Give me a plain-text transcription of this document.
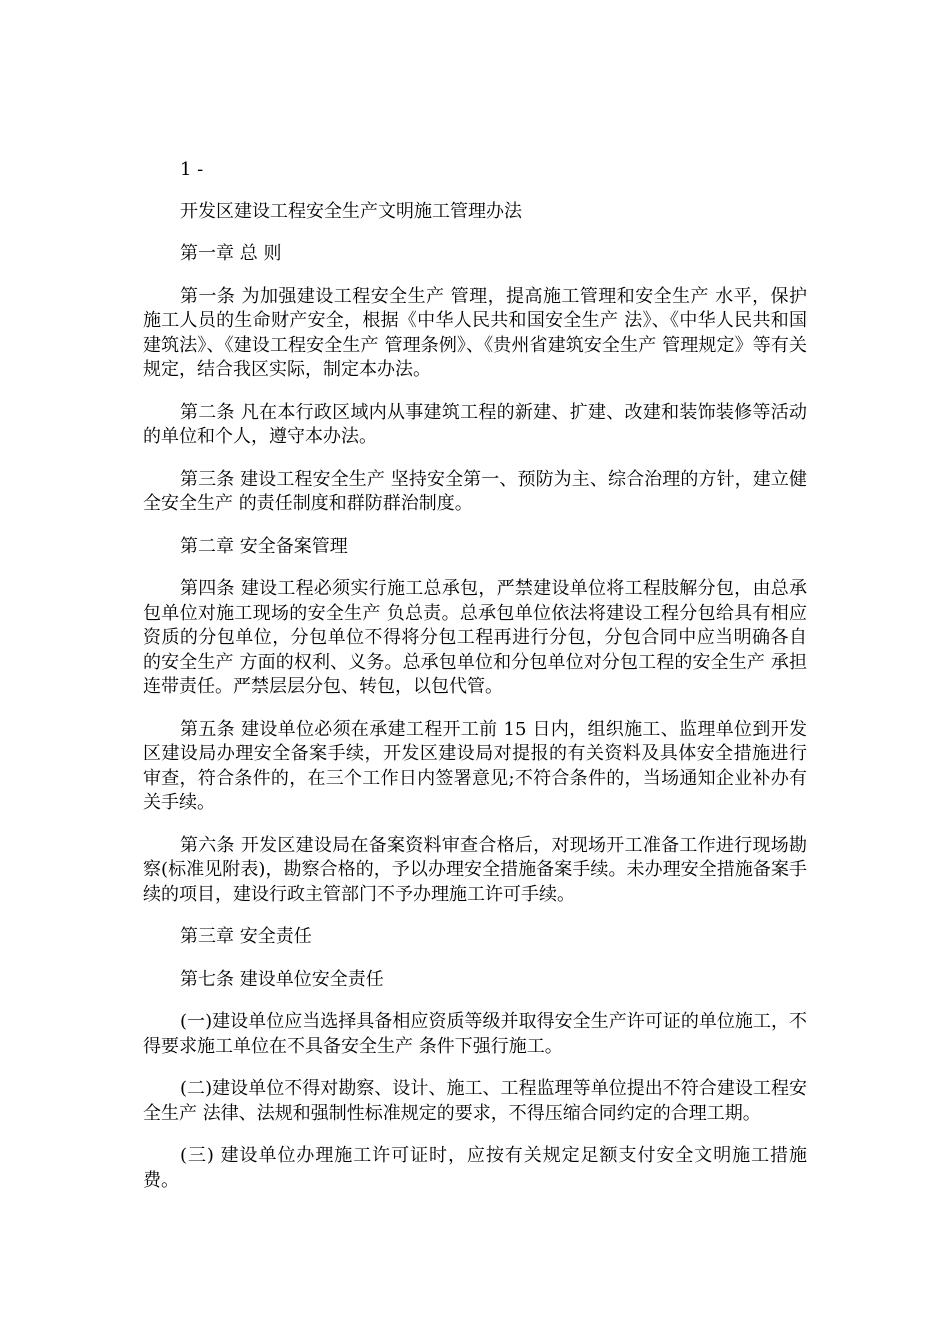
1 -

开发区建设工程安全生产文明施工管理办法

第一章 总 则

第一条 为加强建设工程安全生产 管理，提高施工管理和安全生产 水平，保护施工人员的生命财产安全，根据《中华人民共和国安全生产 法》、《中华人民共和国建筑法》、《建设工程安全生产 管理条例》、《贵州省建筑安全生产 管理规定》等有关规定，结合我区实际，制定本办法。

第二条 凡在本行政区域内从事建筑工程的新建、扩建、改建和装饰装修等活动的单位和个人，遵守本办法。

第三条 建设工程安全生产 坚持安全第一、预防为主、综合治理的方针，建立健全安全生产 的责任制度和群防群治制度。

第二章 安全备案管理

第四条 建设工程必须实行施工总承包，严禁建设单位将工程肢解分包，由总承包单位对施工现场的安全生产 负总责。总承包单位依法将建设工程分包给具有相应资质的分包单位，分包单位不得将分包工程再进行分包，分包合同中应当明确各自的安全生产 方面的权利、义务。总承包单位和分包单位对分包工程的安全生产 承担连带责任。严禁层层分包、转包，以包代管。

第五条 建设单位必须在承建工程开工前 15 日内，组织施工、监理单位到开发区建设局办理安全备案手续，开发区建设局对提报的有关资料及具体安全措施进行审查，符合条件的，在三个工作日内签署意见;不符合条件的，当场通知企业补办有关手续。

第六条 开发区建设局在备案资料审查合格后，对现场开工准备工作进行现场勘察(标准见附表)，勘察合格的，予以办理安全措施备案手续。未办理安全措施备案手续的项目，建设行政主管部门不予办理施工许可手续。

第三章 安全责任

第七条 建设单位安全责任

(一)建设单位应当选择具备相应资质等级并取得安全生产许可证的单位施工，不得要求施工单位在不具备安全生产 条件下强行施工。

(二)建设单位不得对勘察、设计、施工、工程监理等单位提出不符合建设工程安全生产 法律、法规和强制性标准规定的要求，不得压缩合同约定的合理工期。

(三) 建设单位办理施工许可证时，应按有关规定足额支付安全文明施工措施费。
